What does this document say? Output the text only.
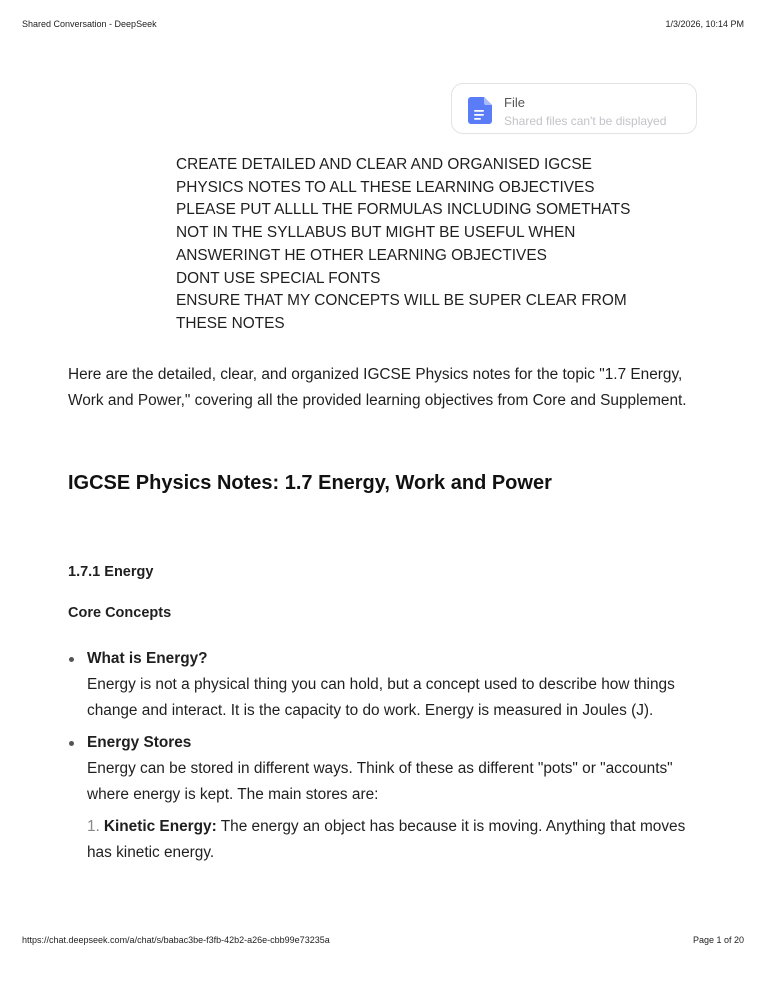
Shared Conversation - DeepSeek	1/3/2026, 10:14 PM
File
Shared files can't be displayed
CREATE DETAILED AND CLEAR AND ORGANISED IGCSE
PHYSICS NOTES TO ALL THESE LEARNING OBJECTIVES
PLEASE PUT ALLLL THE FORMULAS INCLUDING SOMETHATS
NOT IN THE SYLLABUS BUT MIGHT BE USEFUL WHEN
ANSWERINGT HE OTHER LEARNING OBJECTIVES
DONT USE SPECIAL FONTS
ENSURE THAT MY CONCEPTS WILL BE SUPER CLEAR FROM
THESE NOTES
Here are the detailed, clear, and organized IGCSE Physics notes for the topic "1.7 Energy, Work and Power," covering all the provided learning objectives from Core and Supplement.
IGCSE Physics Notes: 1.7 Energy, Work and Power
1.7.1 Energy
Core Concepts
What is Energy?
Energy is not a physical thing you can hold, but a concept used to describe how things change and interact. It is the capacity to do work. Energy is measured in Joules (J).
Energy Stores
Energy can be stored in different ways. Think of these as different "pots" or "accounts" where energy is kept. The main stores are:
1. Kinetic Energy: The energy an object has because it is moving. Anything that moves has kinetic energy.
https://chat.deepseek.com/a/chat/s/babac3be-f3fb-42b2-a26e-cbb99e73235a	Page 1 of 20
